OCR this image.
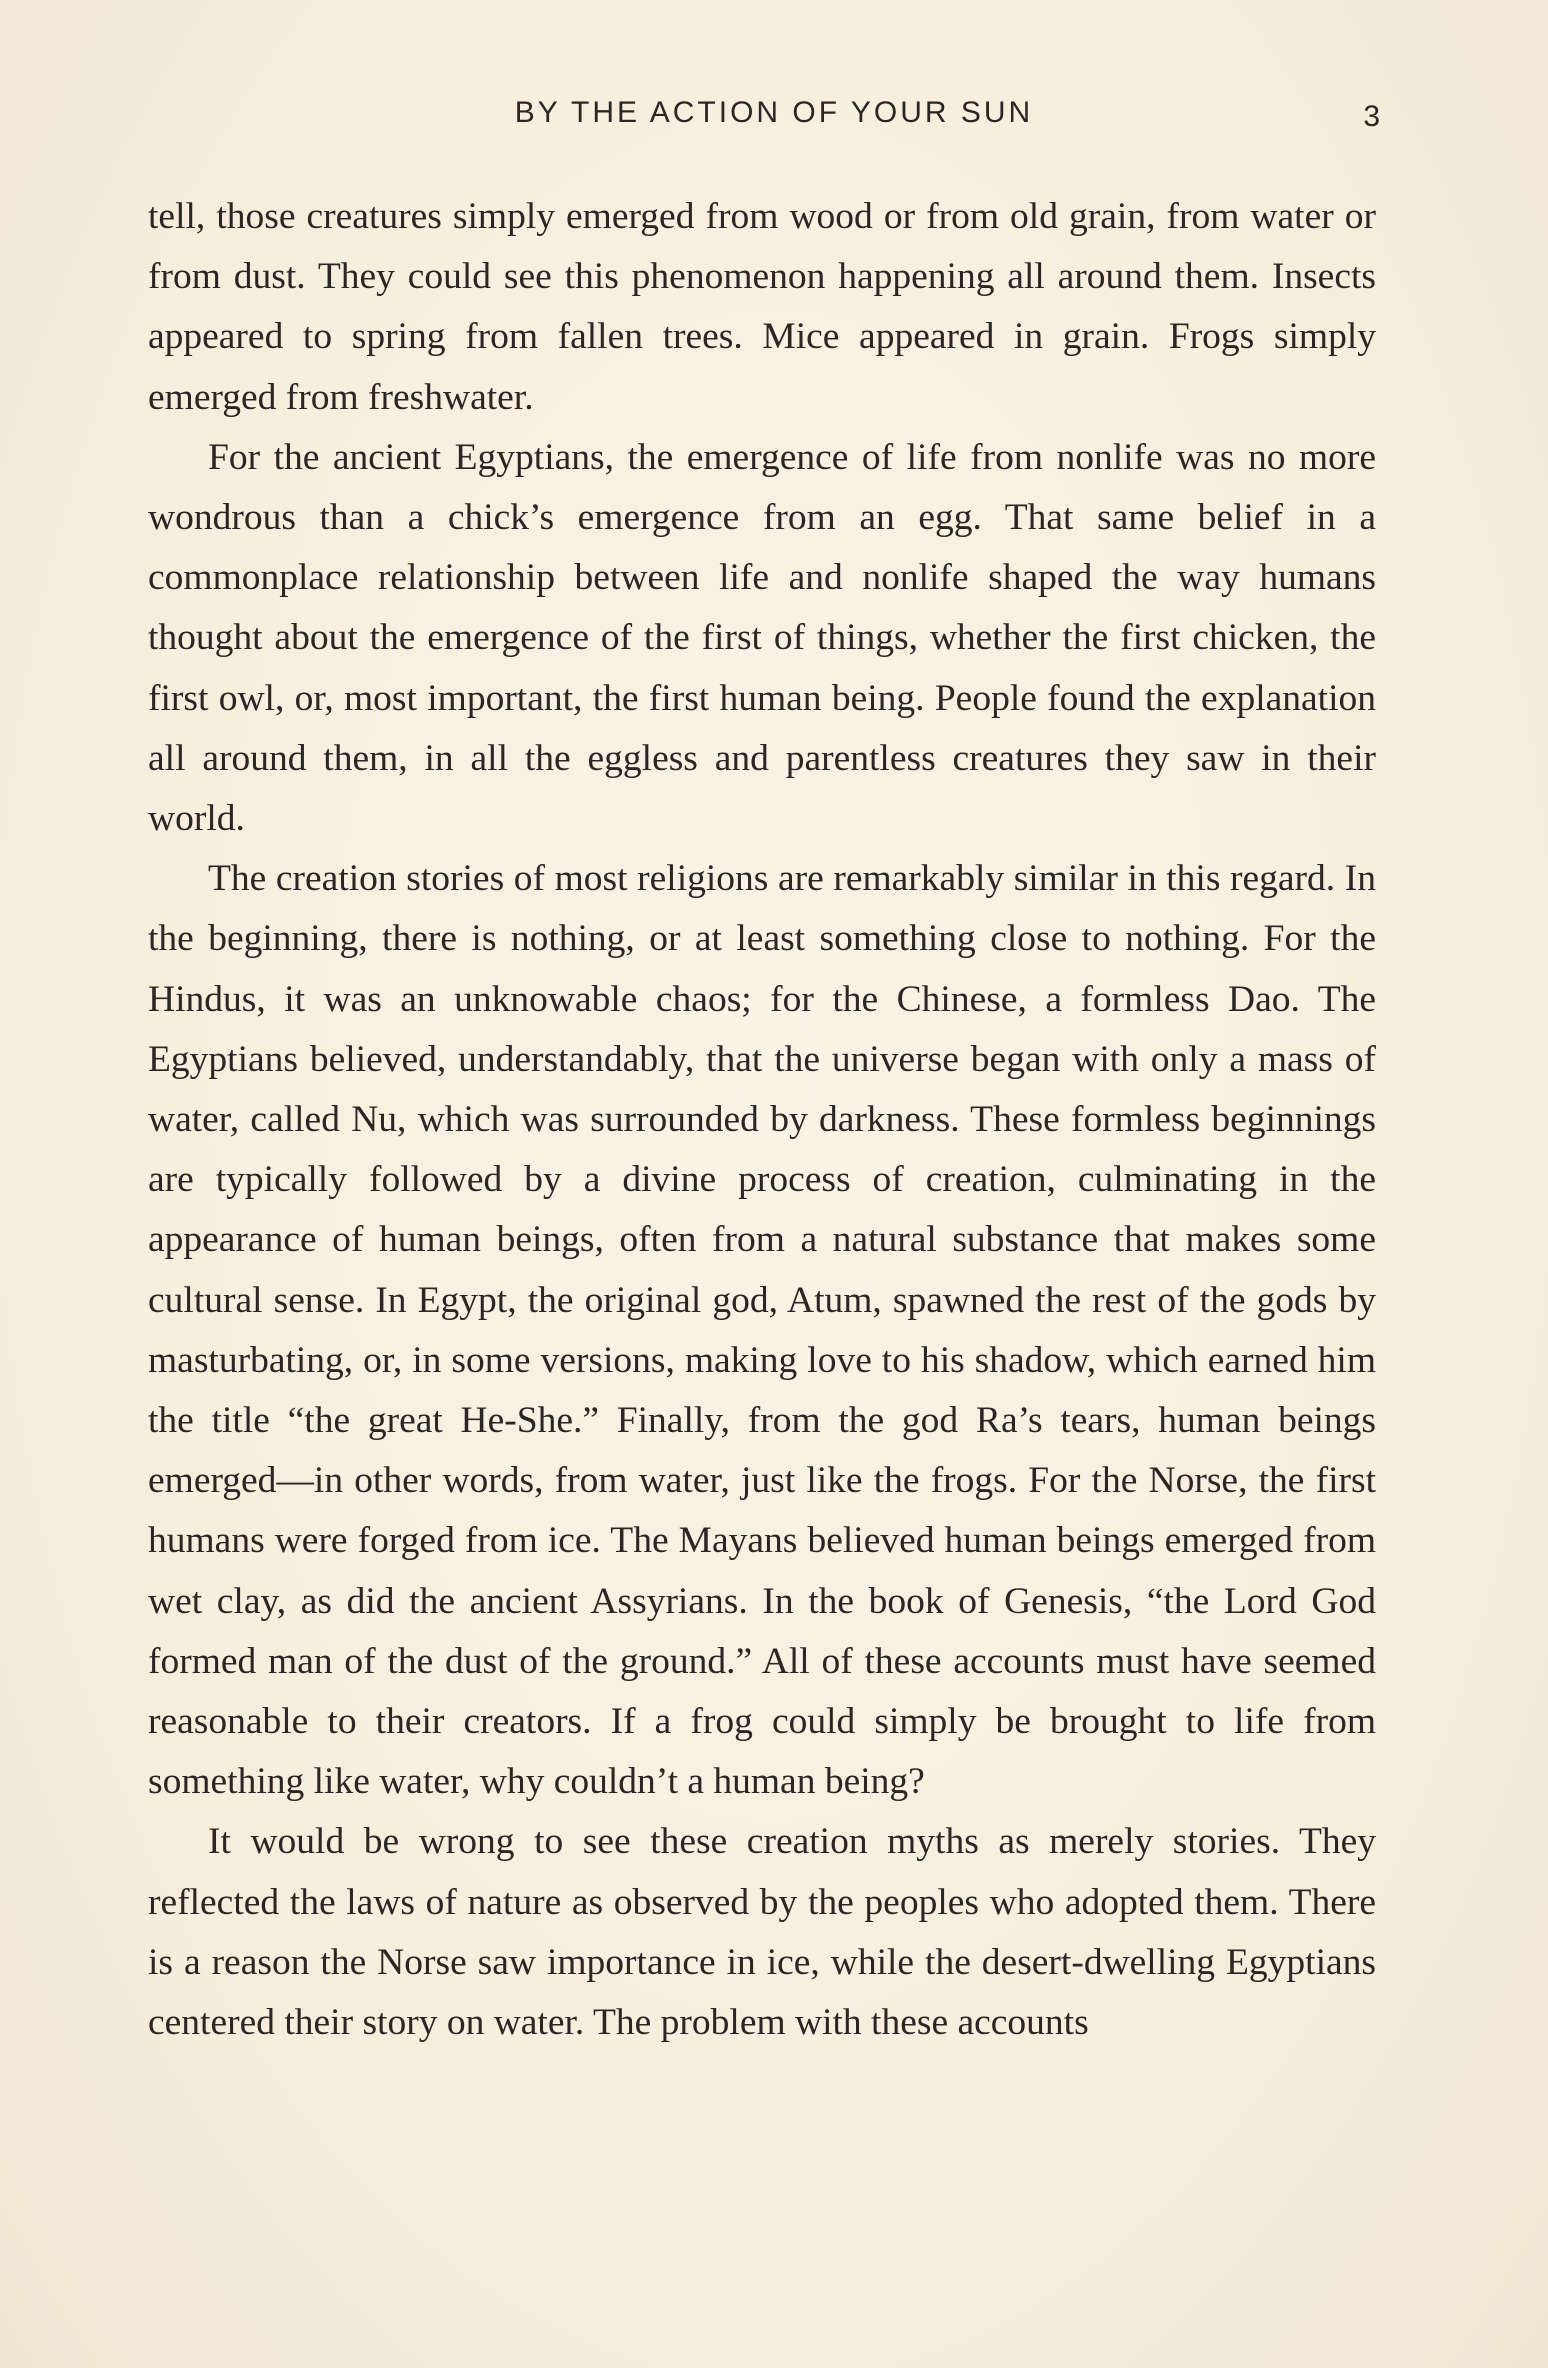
BY THE ACTION OF YOUR SUN	3

tell, those creatures simply emerged from wood or from old grain, from water or from dust. They could see this phenomenon happening all around them. Insects appeared to spring from fallen trees. Mice appeared in grain. Frogs simply emerged from freshwater.

For the ancient Egyptians, the emergence of life from nonlife was no more wondrous than a chick’s emergence from an egg. That same belief in a commonplace relationship between life and nonlife shaped the way humans thought about the emergence of the first of things, whether the first chicken, the first owl, or, most important, the first human being. People found the explanation all around them, in all the eggless and parentless creatures they saw in their world.

The creation stories of most religions are remarkably similar in this regard. In the beginning, there is nothing, or at least something close to nothing. For the Hindus, it was an unknowable chaos; for the Chinese, a formless Dao. The Egyptians believed, understandably, that the universe began with only a mass of water, called Nu, which was surrounded by darkness. These formless beginnings are typically followed by a divine process of creation, culminating in the appearance of human beings, often from a natural substance that makes some cultural sense. In Egypt, the original god, Atum, spawned the rest of the gods by masturbating, or, in some versions, making love to his shadow, which earned him the title “the great He-She.” Finally, from the god Ra’s tears, human beings emerged—in other words, from water, just like the frogs. For the Norse, the first humans were forged from ice. The Mayans believed human beings emerged from wet clay, as did the ancient Assyrians. In the book of Genesis, “the Lord God formed man of the dust of the ground.” All of these accounts must have seemed reasonable to their creators. If a frog could simply be brought to life from something like water, why couldn’t a human being?

It would be wrong to see these creation myths as merely stories. They reflected the laws of nature as observed by the peoples who adopted them. There is a reason the Norse saw importance in ice, while the desert-dwelling Egyptians centered their story on water. The problem with these accounts
